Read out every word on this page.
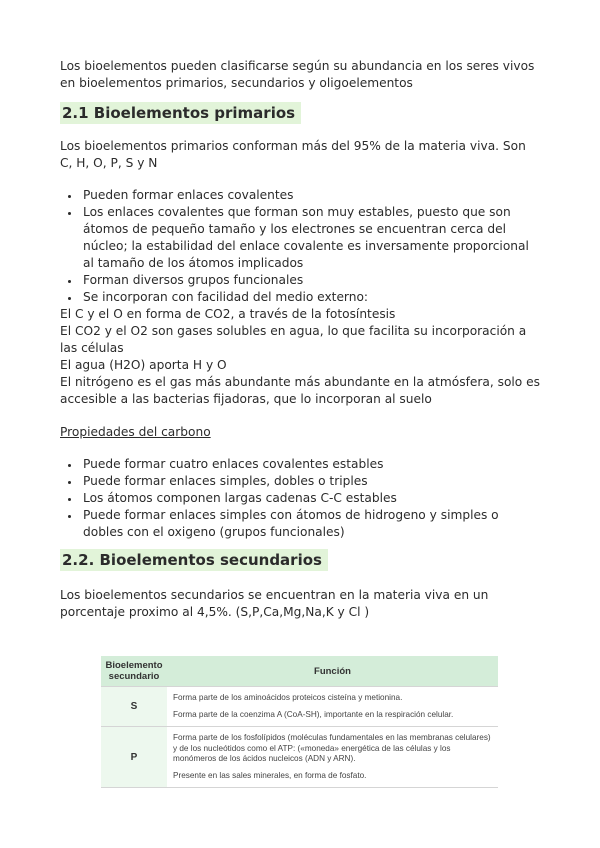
Los bioelementos pueden clasificarse según su abundancia en los seres vivos en bioelementos primarios, secundarios y oligoelementos

2.1 Bioelementos primarios

Los bioelementos primarios conforman más del 95% de la materia viva. Son C, H, O, P, S y N

• Pueden formar enlaces covalentes
• Los enlaces covalentes que forman son muy estables, puesto que son átomos de pequeño tamaño y los electrones se encuentran cerca del núcleo; la estabilidad del enlace covalente es inversamente proporcional al tamaño de los átomos implicados
• Forman diversos grupos funcionales
• Se incorporan con facilidad del medio externo:

El C y el O en forma de CO2, a través de la fotosíntesis

El CO2 y el O2 son gases solubles en agua, lo que facilita su incorporación a las células

El agua (H2O) aporta H y O

El nitrógeno es el gas más abundante más abundante en la atmósfera, solo es accesible a las bacterias fijadoras, que lo incorporan al suelo

Propiedades del carbono

• Puede formar cuatro enlaces covalentes estables
• Puede formar enlaces simples, dobles o triples
• Los átomos componen largas cadenas C-C estables
• Puede formar enlaces simples con átomos de hidrogeno y simples o dobles con el oxigeno (grupos funcionales)
2.2. Bioelementos secundarios

Los bioelementos secundarios se encuentran en la materia viva en un porcentaje proximo al 4,5%. (S,P,Ca,Mg,Na,K y Cl )

Bioelemento
secundario	Función
S	Forma parte de los aminoácidos proteicos cisteína y metionina.
Forma parte de la coenzima A (CoA-SH), importante en la respiración celular.

P	Forma parte de los fosfolípidos (moléculas fundamentales en las membranas celulares) y de los nucleótidos como el ATP: («moneda» energética de las células y los monómeros de los ácidos nucleicos (ADN y ARN).
Presente en las sales minerales, en forma de fosfato.
